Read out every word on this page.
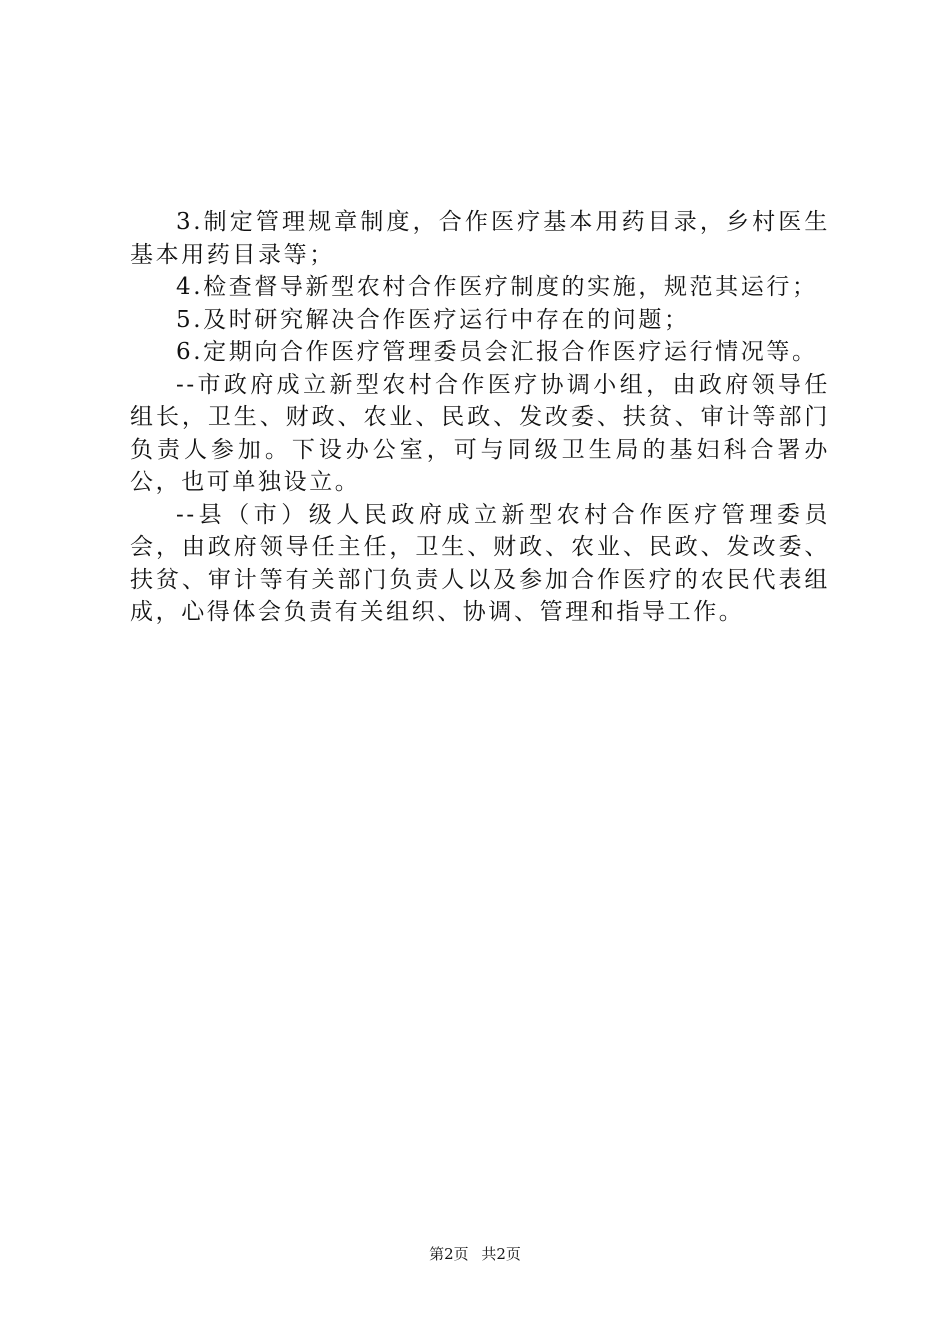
3.制定管理规章制度，合作医疗基本用药目录，乡村医生基本用药目录等；

4.检查督导新型农村合作医疗制度的实施，规范其运行；

5.及时研究解决合作医疗运行中存在的问题；

6.定期向合作医疗管理委员会汇报合作医疗运行情况等。

--市政府成立新型农村合作医疗协调小组，由政府领导任组长，卫生、财政、农业、民政、发改委、扶贫、审计等部门负责人参加。下设办公室，可与同级卫生局的基妇科合署办公，也可单独设立。

--县（市）级人民政府成立新型农村合作医疗管理委员会，由政府领导任主任，卫生、财政、农业、民政、发改委、扶贫、审计等有关部门负责人以及参加合作医疗的农民代表组成，心得体会负责有关组织、协调、管理和指导工作。

第2页 共2页
